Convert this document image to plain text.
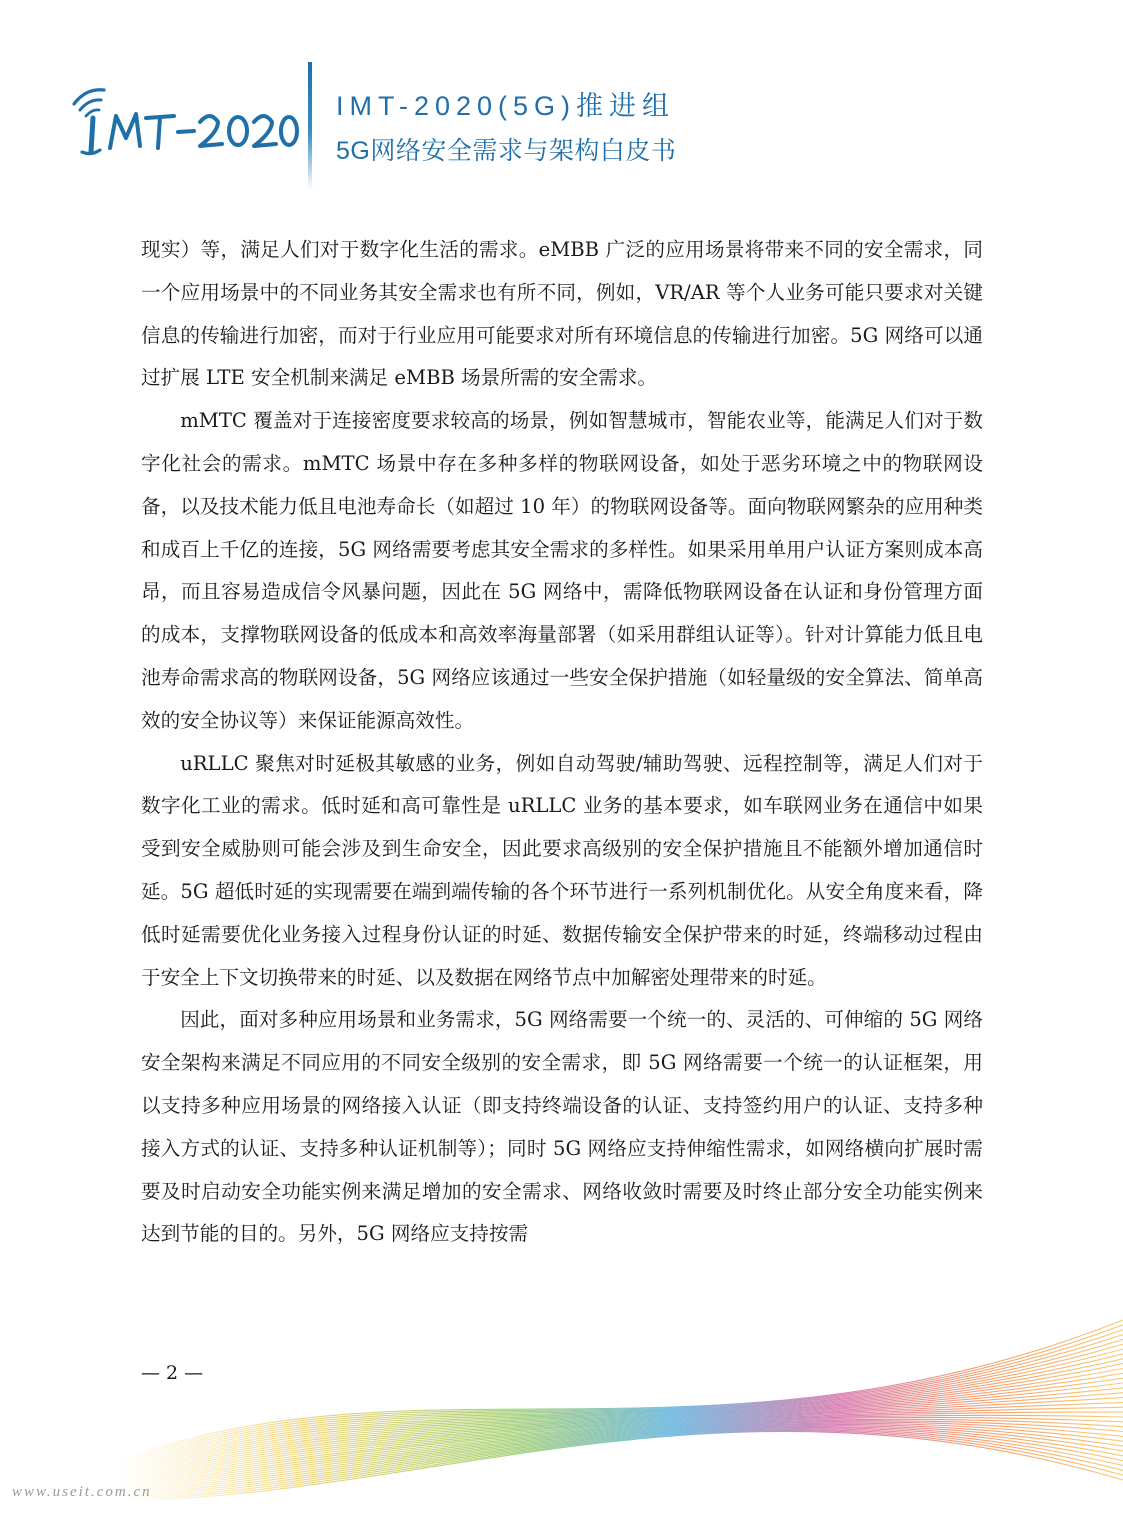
IMT-2020(5G)推进组
5G网络安全需求与架构白皮书

现实）等，满足人们对于数字化生活的需求。eMBB 广泛的应用场景将带来不同的安全需求，同一个应用场景中的不同业务其安全需求也有所不同，例如，VR/AR 等个人业务可能只要求对关键信息的传输进行加密，而对于行业应用可能要求对所有环境信息的传输进行加密。5G 网络可以通过扩展 LTE 安全机制来满足 eMBB 场景所需的安全需求。

mMTC 覆盖对于连接密度要求较高的场景，例如智慧城市，智能农业等，能满足人们对于数字化社会的需求。mMTC 场景中存在多种多样的物联网设备，如处于恶劣环境之中的物联网设备，以及技术能力低且电池寿命长（如超过 10 年）的物联网设备等。面向物联网繁杂的应用种类和成百上千亿的连接，5G 网络需要考虑其安全需求的多样性。如果采用单用户认证方案则成本高昂，而且容易造成信令风暴问题，因此在 5G 网络中，需降低物联网设备在认证和身份管理方面的成本，支撑物联网设备的低成本和高效率海量部署（如采用群组认证等）。针对计算能力低且电池寿命需求高的物联网设备，5G 网络应该通过一些安全保护措施（如轻量级的安全算法、简单高效的安全协议等）来保证能源高效性。

uRLLC 聚焦对时延极其敏感的业务，例如自动驾驶/辅助驾驶、远程控制等，满足人们对于数字化工业的需求。低时延和高可靠性是 uRLLC 业务的基本要求，如车联网业务在通信中如果受到安全威胁则可能会涉及到生命安全，因此要求高级别的安全保护措施且不能额外增加通信时延。5G 超低时延的实现需要在端到端传输的各个环节进行一系列机制优化。从安全角度来看，降低时延需要优化业务接入过程身份认证的时延、数据传输安全保护带来的时延，终端移动过程由于安全上下文切换带来的时延、以及数据在网络节点中加解密处理带来的时延。

因此，面对多种应用场景和业务需求，5G 网络需要一个统一的、灵活的、可伸缩的 5G 网络安全架构来满足不同应用的不同安全级别的安全需求，即 5G 网络需要一个统一的认证框架，用以支持多种应用场景的网络接入认证（即支持终端设备的认证、支持签约用户的认证、支持多种接入方式的认证、支持多种认证机制等）；同时 5G 网络应支持伸缩性需求，如网络横向扩展时需要及时启动安全功能实例来满足增加的安全需求、网络收敛时需要及时终止部分安全功能实例来达到节能的目的。另外，5G 网络应支持按需

— 2 —
www.useit.com.cn
